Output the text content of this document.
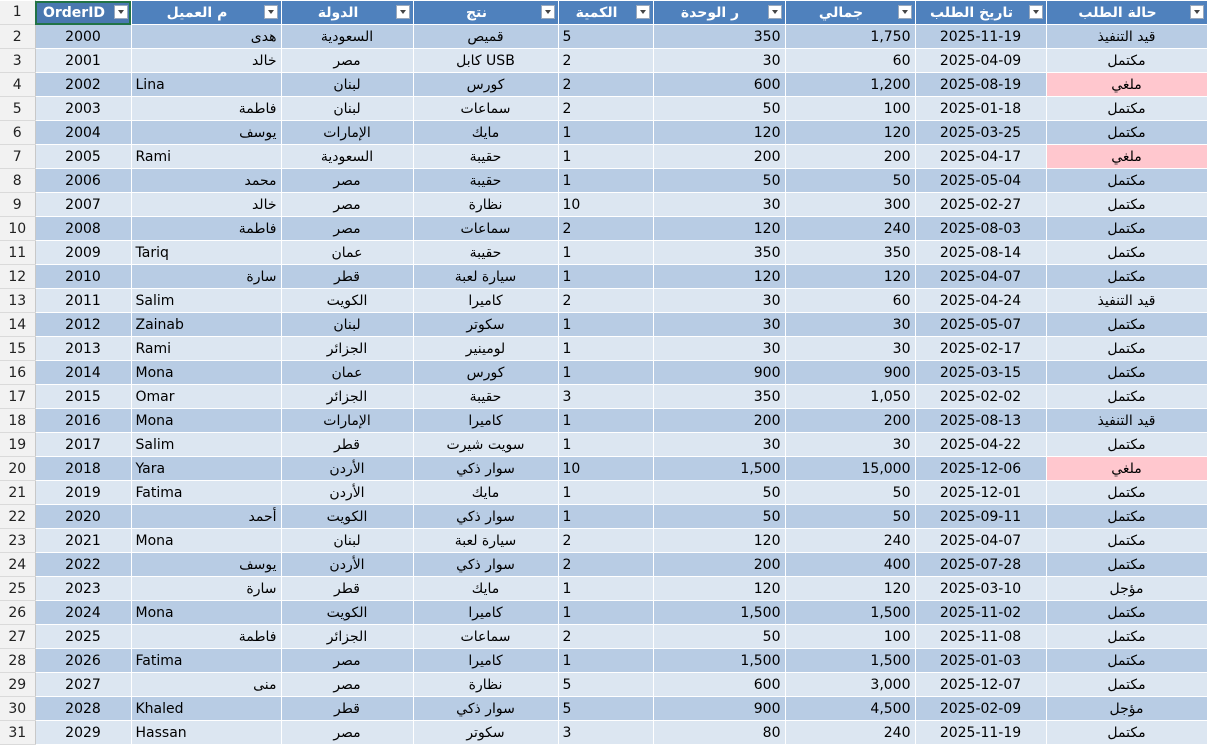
1	OrderID	م العميل	الدولة	نتج	الكمية	ر الوحدة	جمالي	تاريخ الطلب	حالة الطلب

2	2000	هدى	السعودية	قميص	5	350	1,750	2025-11-19	قيد التنفيذ
3	2001	خالد	مصر	كابل USB	2	30	60	2025-04-09	مكتمل
4	2002	Lina	لبنان	كورس	2	600	1,200	2025-08-19	ملغي
5	2003	فاطمة	لبنان	سماعات	2	50	100	2025-01-18	مكتمل
6	2004	يوسف	الإمارات	مايك	1	120	120	2025-03-25	مكتمل
7	2005	Rami	السعودية	حقيبة	1	200	200	2025-04-17	ملغي
8	2006	محمد	مصر	حقيبة	1	50	50	2025-05-04	مكتمل
9	2007	خالد	مصر	نظارة	10	30	300	2025-02-27	مكتمل
10	2008	فاطمة	مصر	سماعات	2	120	240	2025-08-03	مكتمل
11	2009	Tariq	عمان	حقيبة	1	350	350	2025-08-14	مكتمل
12	2010	سارة	قطر	سيارة لعبة	1	120	120	2025-04-07	مكتمل
13	2011	Salim	الكويت	كاميرا	2	30	60	2025-04-24	قيد التنفيذ
14	2012	Zainab	لبنان	سكوتر	1	30	30	2025-05-07	مكتمل
15	2013	Rami	الجزائر	لومينير	1	30	30	2025-02-17	مكتمل
16	2014	Mona	عمان	كورس	1	900	900	2025-03-15	مكتمل
17	2015	Omar	الجزائر	حقيبة	3	350	1,050	2025-02-02	مكتمل
18	2016	Mona	الإمارات	كاميرا	1	200	200	2025-08-13	قيد التنفيذ
19	2017	Salim	قطر	سويت شيرت	1	30	30	2025-04-22	مكتمل
20	2018	Yara	الأردن	سوار ذكي	10	1,500	15,000	2025-12-06	ملغي
21	2019	Fatima	الأردن	مايك	1	50	50	2025-12-01	مكتمل
22	2020	أحمد	الكويت	سوار ذكي	1	50	50	2025-09-11	مكتمل
23	2021	Mona	لبنان	سيارة لعبة	2	120	240	2025-04-07	مكتمل
24	2022	يوسف	الأردن	سوار ذكي	2	200	400	2025-07-28	مكتمل
25	2023	سارة	قطر	مايك	1	120	120	2025-03-10	مؤجل
26	2024	Mona	الكويت	كاميرا	1	1,500	1,500	2025-11-02	مكتمل
27	2025	فاطمة	الجزائر	سماعات	2	50	100	2025-11-08	مكتمل
28	2026	Fatima	مصر	كاميرا	1	1,500	1,500	2025-01-03	مكتمل
29	2027	منى	مصر	نظارة	5	600	3,000	2025-12-07	مكتمل
30	2028	Khaled	قطر	سوار ذكي	5	900	4,500	2025-02-09	مؤجل
31	2029	Hassan	مصر	سكوتر	3	80	240	2025-11-19	مكتمل
